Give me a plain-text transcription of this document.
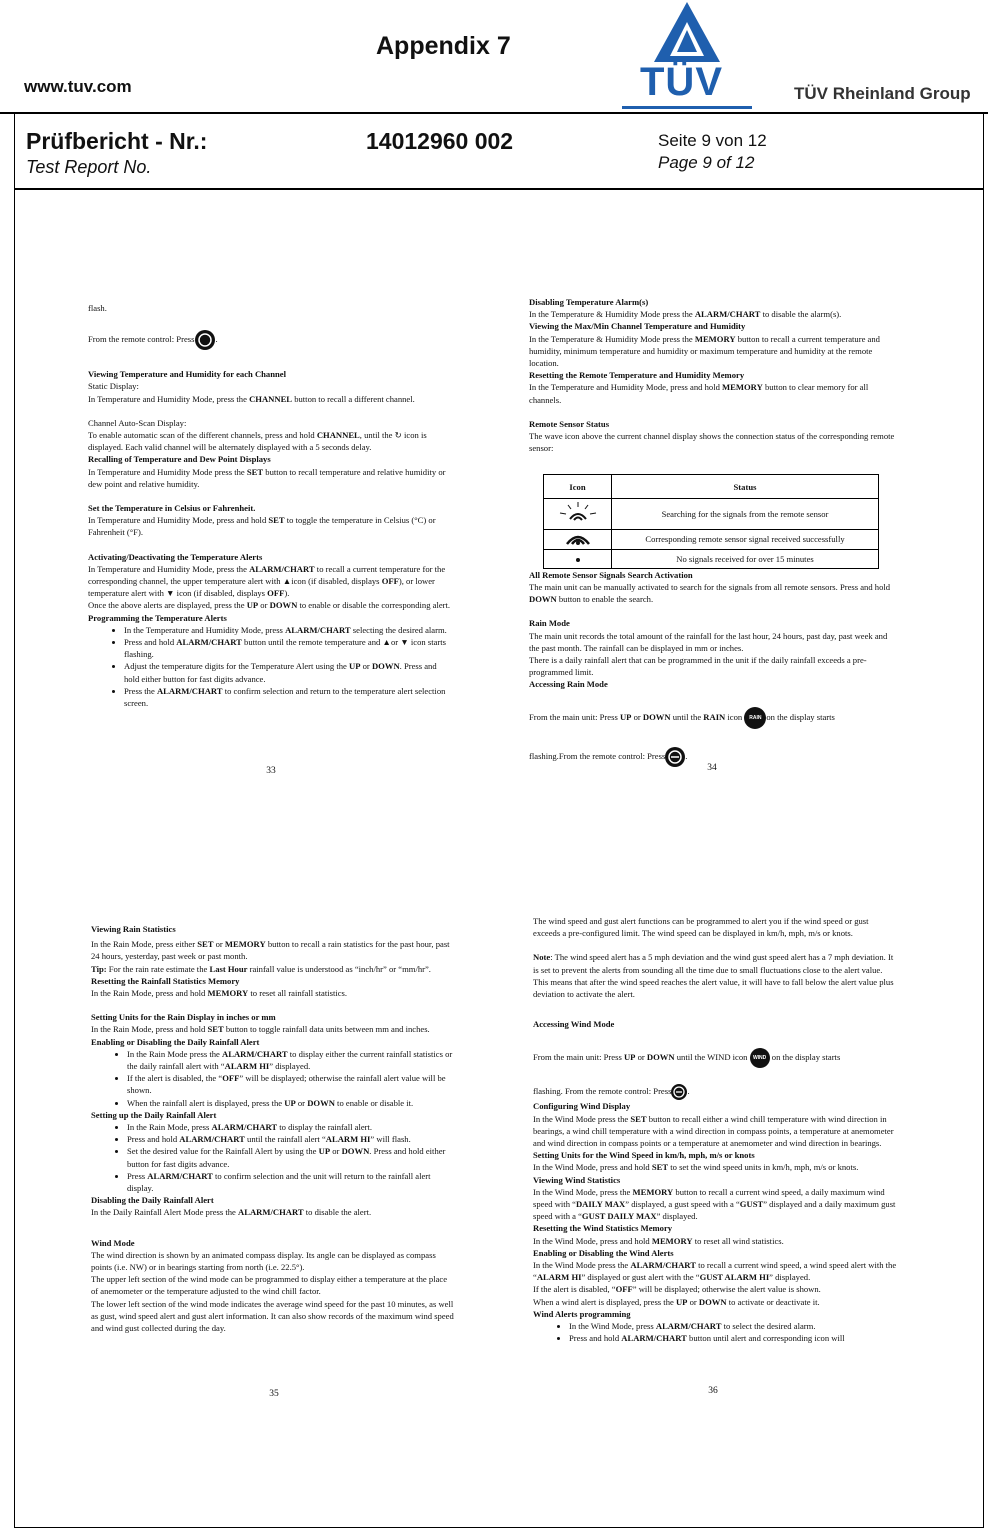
www.tuv.com
Appendix 7
TÜV	TÜV Rheinland Group
Prüfbericht - Nr.:
Test Report No.
14012960 002	Seite 9 von 12
Page 9 of 12

flash.

From the remote control: Press .

Viewing Temperature and Humidity for each Channel

Static Display:

In Temperature and Humidity Mode, press the CHANNEL button to recall a different channel.

Channel Auto-Scan Display:

To enable automatic scan of the different channels, press and hold CHANNEL, until the ↻ icon is displayed. Each valid channel will be alternately displayed with a 5 seconds delay.

Recalling of Temperature and Dew Point Displays

In Temperature and Humidity Mode press the SET button to recall temperature and relative humidity or dew point and relative humidity.

Set the Temperature in Celsius or Fahrenheit.

In Temperature and Humidity Mode, press and hold SET to toggle the temperature in Celsius (°C) or Fahrenheit (°F).

Activating/Deactivating the Temperature Alerts

In Temperature and Humidity Mode, press the ALARM/CHART to recall a current temperature for the corresponding channel, the upper temperature alert with ▲icon (if disabled, displays OFF), or lower temperature alert with ▼ icon (if disabled, displays OFF).

Once the above alerts are displayed, press the UP or DOWN to enable or disable the corresponding alert.

Programming the Temperature Alerts

• In the Temperature and Humidity Mode, press ALARM/CHART selecting the desired alarm.
• Press and hold ALARM/CHART button until the remote temperature and ▲or ▼ icon starts flashing.
• Adjust the temperature digits for the Temperature Alert using the UP or DOWN. Press and hold either button for fast digits advance.
• Press the ALARM/CHART to confirm selection and return to the temperature alert selection screen.
33

Disabling Temperature Alarm(s)

In the Temperature & Humidity Mode press the ALARM/CHART to disable the alarm(s).

Viewing the Max/Min Channel Temperature and Humidity

In the Temperature & Humidity Mode press the MEMORY button to recall a current temperature and humidity, minimum temperature and humidity or maximum temperature and humidity at the remote location.

Resetting the Remote Temperature and Humidity Memory

In the Temperature and Humidity Mode, press and hold MEMORY button to clear memory for all channels.

Remote Sensor Status

The wave icon above the current channel display shows the connection status of the corresponding remote sensor:

Icon	Status
	Searching for the signals from the remote sensor
	Corresponding remote sensor signal received successfully
	No signals received for over 15 minutes

All Remote Sensor Signals Search Activation

The main unit can be manually activated to search for the signals from all remote sensors. Press and hold DOWN button to enable the search.

Rain Mode

The main unit records the total amount of the rainfall for the last hour, 24 hours, past day, past week and the past month. The rainfall can be displayed in mm or inches.

There is a daily rainfall alert that can be programmed in the unit if the daily rainfall exceeds a pre-programmed limit.

Accessing Rain Mode

From the main unit: Press UP or DOWN until the RAIN icon RAIN on the display starts

flashing.From the remote control: Press .

34

Viewing Rain Statistics

In the Rain Mode, press either SET or MEMORY button to recall a rain statistics for the past hour, past 24 hours, yesterday, past week or past month.

Tip: For the rain rate estimate the Last Hour rainfall value is understood as “inch/hr” or “mm/hr”.

Resetting the Rainfall Statistics Memory

In the Rain Mode, press and hold MEMORY to reset all rainfall statistics.

Setting Units for the Rain Display in inches or mm

In the Rain Mode, press and hold SET button to toggle rainfall data units between mm and inches.

Enabling or Disabling the Daily Rainfall Alert

• In the Rain Mode press the ALARM/CHART to display either the current rainfall statistics or the daily rainfall alert with “ALARM HI” displayed.
• If the alert is disabled, the “OFF” will be displayed; otherwise the rainfall alert value will be shown.
• When the rainfall alert is displayed, press the UP or DOWN to enable or disable it.

Setting up the Daily Rainfall Alert

• In the Rain Mode, press ALARM/CHART to display the rainfall alert.
• Press and hold ALARM/CHART until the rainfall alert “ALARM HI” will flash.
• Set the desired value for the Rainfall Alert by using the UP or DOWN. Press and hold either button for fast digits advance.
• Press ALARM/CHART to confirm selection and the unit will return to the rainfall alert display.

Disabling the Daily Rainfall Alert

In the Daily Rainfall Alert Mode press the ALARM/CHART to disable the alert.

Wind Mode

The wind direction is shown by an animated compass display. Its angle can be displayed as compass points (i.e. NW) or in bearings starting from north (i.e. 22.5°).

The upper left section of the wind mode can be programmed to display either a temperature at the place of anemometer or the temperature adjusted to the wind chill factor.

The lower left section of the wind mode indicates the average wind speed for the past 10 minutes, as well as gust, wind speed alert and gust alert information. It can also show records of the maximum wind speed and wind gust collected during the day.

35

The wind speed and gust alert functions can be programmed to alert you if the wind speed or gust exceeds a pre-configured limit. The wind speed can be displayed in km/h, mph, m/s or knots.

Note: The wind speed alert has a 5 mph deviation and the wind gust speed alert has a 7 mph deviation. It is set to prevent the alerts from sounding all the time due to small fluctuations close to the alert value. This means that after the wind speed reaches the alert value, it will have to fall below the alert value plus deviation to activate the alert.

Accessing Wind Mode

From the main unit: Press UP or DOWN until the WIND icon WIND on the display starts

flashing. From the remote control: Press .

Configuring Wind Display

In the Wind Mode press the SET button to recall either a wind chill temperature with wind direction in bearings, a wind chill temperature with a wind direction in compass points, a temperature at anemometer and wind direction in compass points or a temperature at anemometer and wind direction in bearings.

Setting Units for the Wind Speed in km/h, mph, m/s or knots

In the Wind Mode, press and hold SET to set the wind speed units in km/h, mph, m/s or knots.

Viewing Wind Statistics

In the Wind Mode, press the MEMORY button to recall a current wind speed, a daily maximum wind speed with “DAILY MAX” displayed, a gust speed with a “GUST” displayed and a daily maximum gust speed with a “GUST DAILY MAX” displayed.

Resetting the Wind Statistics Memory

In the Wind Mode, press and hold MEMORY to reset all wind statistics.

Enabling or Disabling the Wind Alerts

In the Wind Mode press the ALARM/CHART to recall a current wind speed, a wind speed alert with the “ALARM HI” displayed or gust alert with the “GUST ALARM HI” displayed.

If the alert is disabled, “OFF” will be displayed; otherwise the alert value is shown.

When a wind alert is displayed, press the UP or DOWN to activate or deactivate it.

Wind Alerts programming

• In the Wind Mode, press ALARM/CHART to select the desired alarm.
• Press and hold ALARM/CHART button until alert and corresponding icon will
36
